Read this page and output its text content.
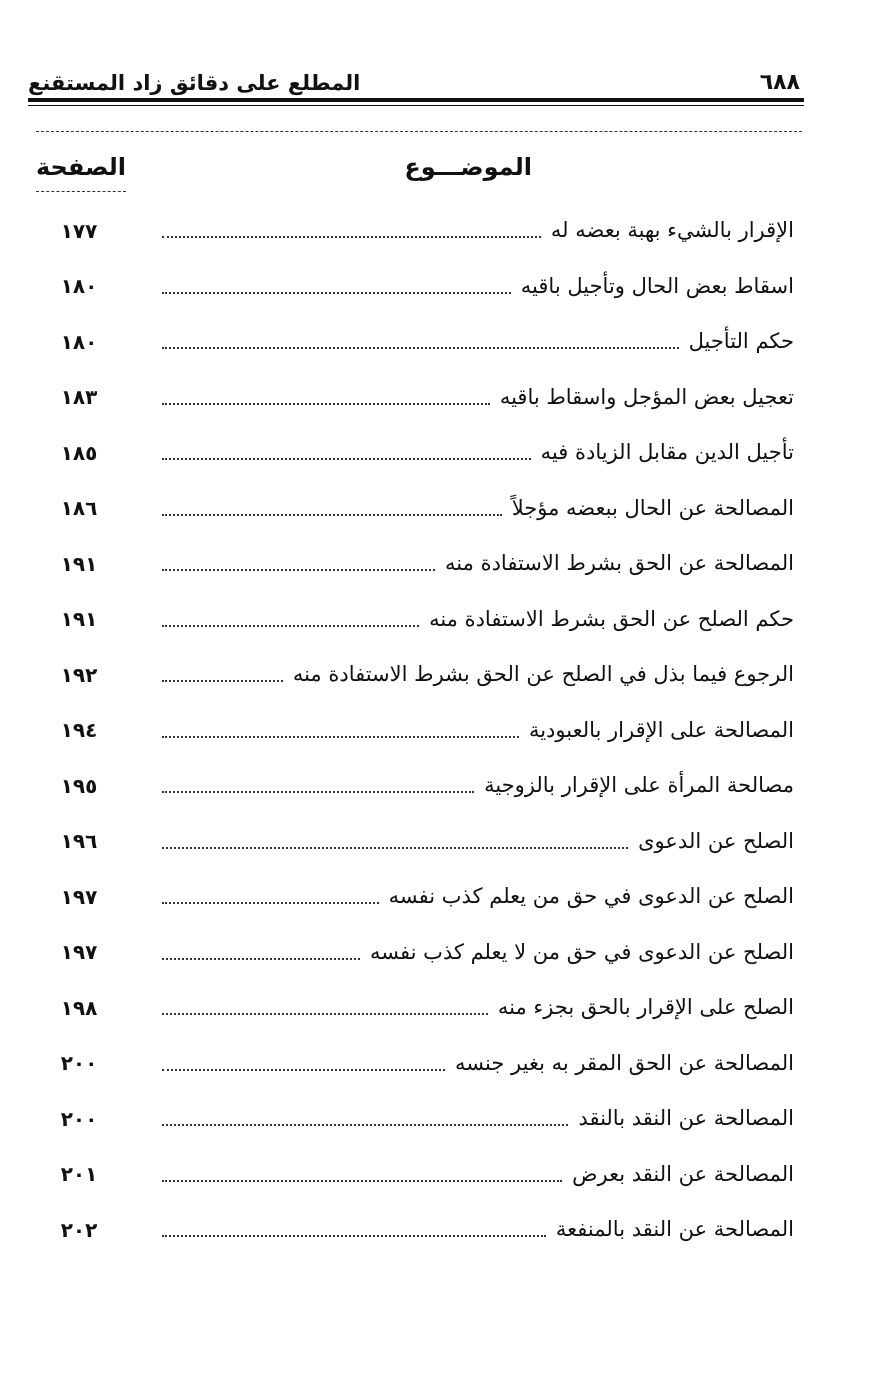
٦٨٨
المطلع على دقائق زاد المستقنع
الموضـــوع
الصفحة
الإقرار بالشيء بهبة بعضه له
١٧٧
اسقاط بعض الحال وتأجيل باقيه
١٨٠
حكم التأجيل
١٨٠
تعجيل بعض المؤجل واسقاط باقيه
١٨٣
تأجيل الدين مقابل الزيادة فيه
١٨٥
المصالحة عن الحال ببعضه مؤجلاً
١٨٦
المصالحة عن الحق بشرط الاستفادة منه
١٩١
حكم الصلح عن الحق بشرط الاستفادة منه
١٩١
الرجوع فيما بذل في الصلح عن الحق بشرط الاستفادة منه
١٩٢
المصالحة على الإقرار بالعبودية
١٩٤
مصالحة المرأة على الإقرار بالزوجية
١٩٥
الصلح عن الدعوى
١٩٦
الصلح عن الدعوى في حق من يعلم كذب نفسه
١٩٧
الصلح عن الدعوى في حق من لا يعلم كذب نفسه
١٩٧
الصلح على الإقرار بالحق بجزء منه
١٩٨
المصالحة عن الحق المقر به بغير جنسه
٢٠٠
المصالحة عن النقد بالنقد
٢٠٠
المصالحة عن النقد بعرض
٢٠١
المصالحة عن النقد بالمنفعة
٢٠٢
